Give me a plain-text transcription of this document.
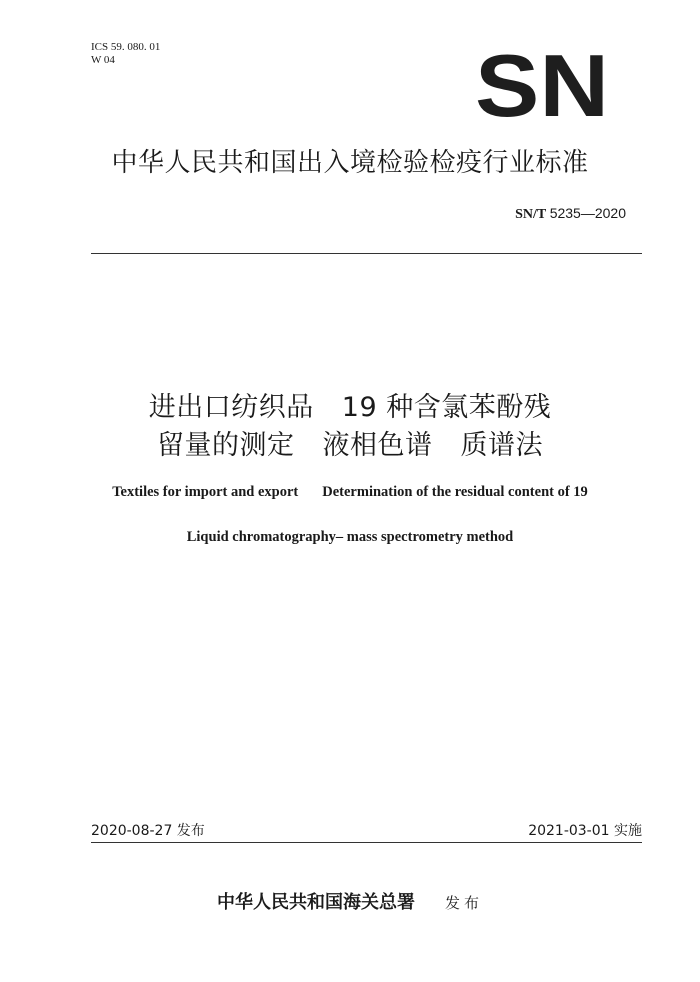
ICS 59. 080. 01
W 04	SN
中华人民共和国出入境检验检疫行业标准
SN/T 5235—2020
进出口纺织品 19 种含氯苯酚残
留量的测定 液相色谱 质谱法
Textiles for import and export Determination of the residual content of 19
Liquid chromatography– mass spectrometry method
2020-08-27 发布	2021-03-01 实施
中华人民共和国海关总署 发布
